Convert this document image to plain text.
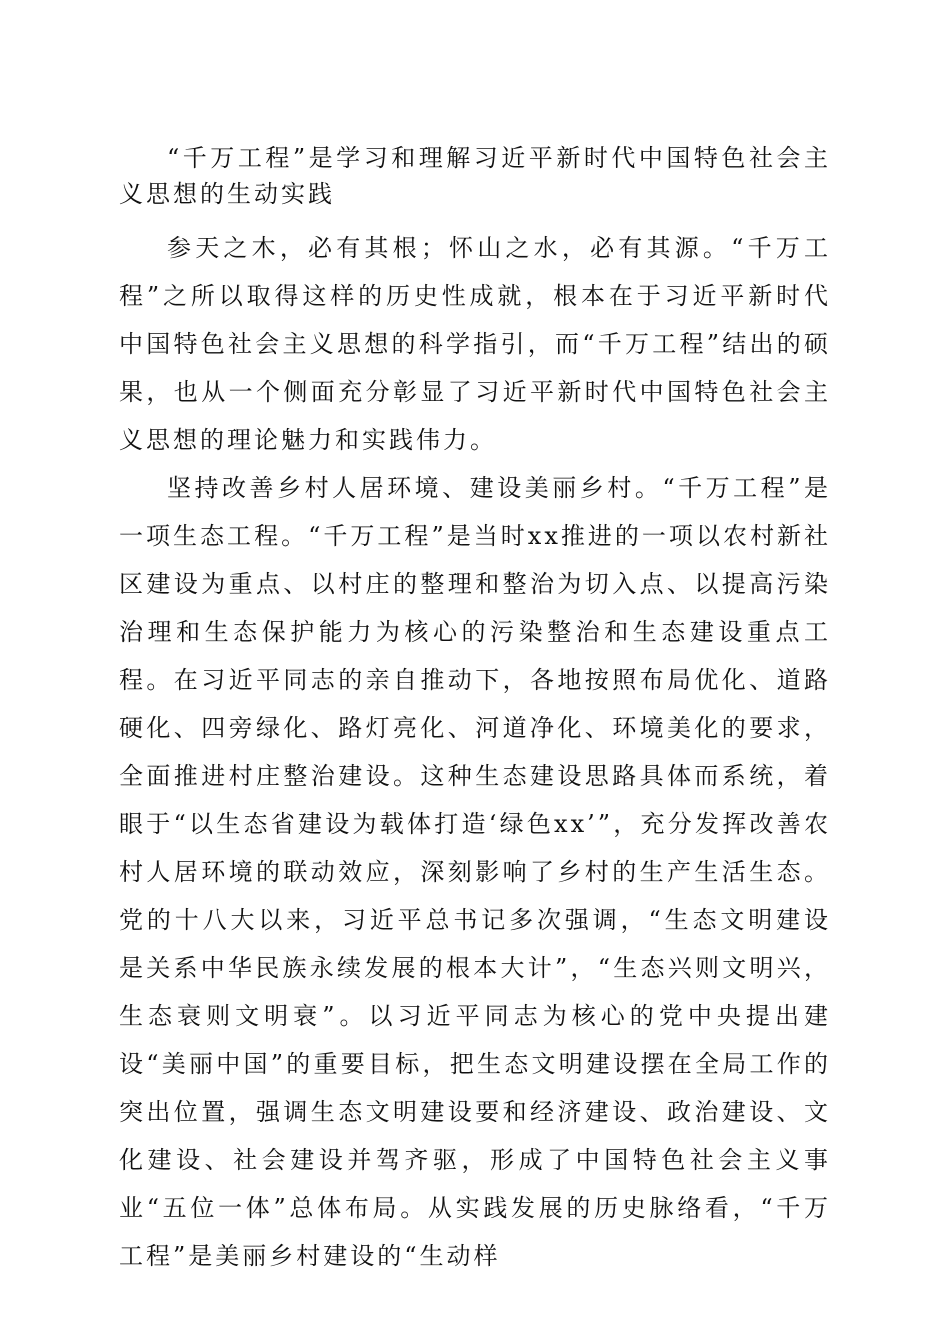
“千万工程”是学习和理解习近平新时代中国特色社会主义思想的生动实践

参天之木，必有其根；怀山之水，必有其源。“千万工程”之所以取得这样的历史性成就，根本在于习近平新时代中国特色社会主义思想的科学指引，而“千万工程”结出的硕果，也从一个侧面充分彰显了习近平新时代中国特色社会主义思想的理论魅力和实践伟力。

坚持改善乡村人居环境、建设美丽乡村。“千万工程”是一项生态工程。“千万工程”是当时xx推进的一项以农村新社区建设为重点、以村庄的整理和整治为切入点、以提高污染治理和生态保护能力为核心的污染整治和生态建设重点工程。在习近平同志的亲自推动下，各地按照布局优化、道路硬化、四旁绿化、路灯亮化、河道净化、环境美化的要求，全面推进村庄整治建设。这种生态建设思路具体而系统，着眼于“以生态省建设为载体打造‘绿色xx’”，充分发挥改善农村人居环境的联动效应，深刻影响了乡村的生产生活生态。党的十八大以来，习近平总书记多次强调，“生态文明建设是关系中华民族永续发展的根本大计”，“生态兴则文明兴，生态衰则文明衰”。以习近平同志为核心的党中央提出建设“美丽中国”的重要目标，把生态文明建设摆在全局工作的突出位置，强调生态文明建设要和经济建设、政治建设、文化建设、社会建设并驾齐驱，形成了中国特色社会主义事业“五位一体”总体布局。从实践发展的历史脉络看，“千万工程”是美丽乡村建设的“生动样
